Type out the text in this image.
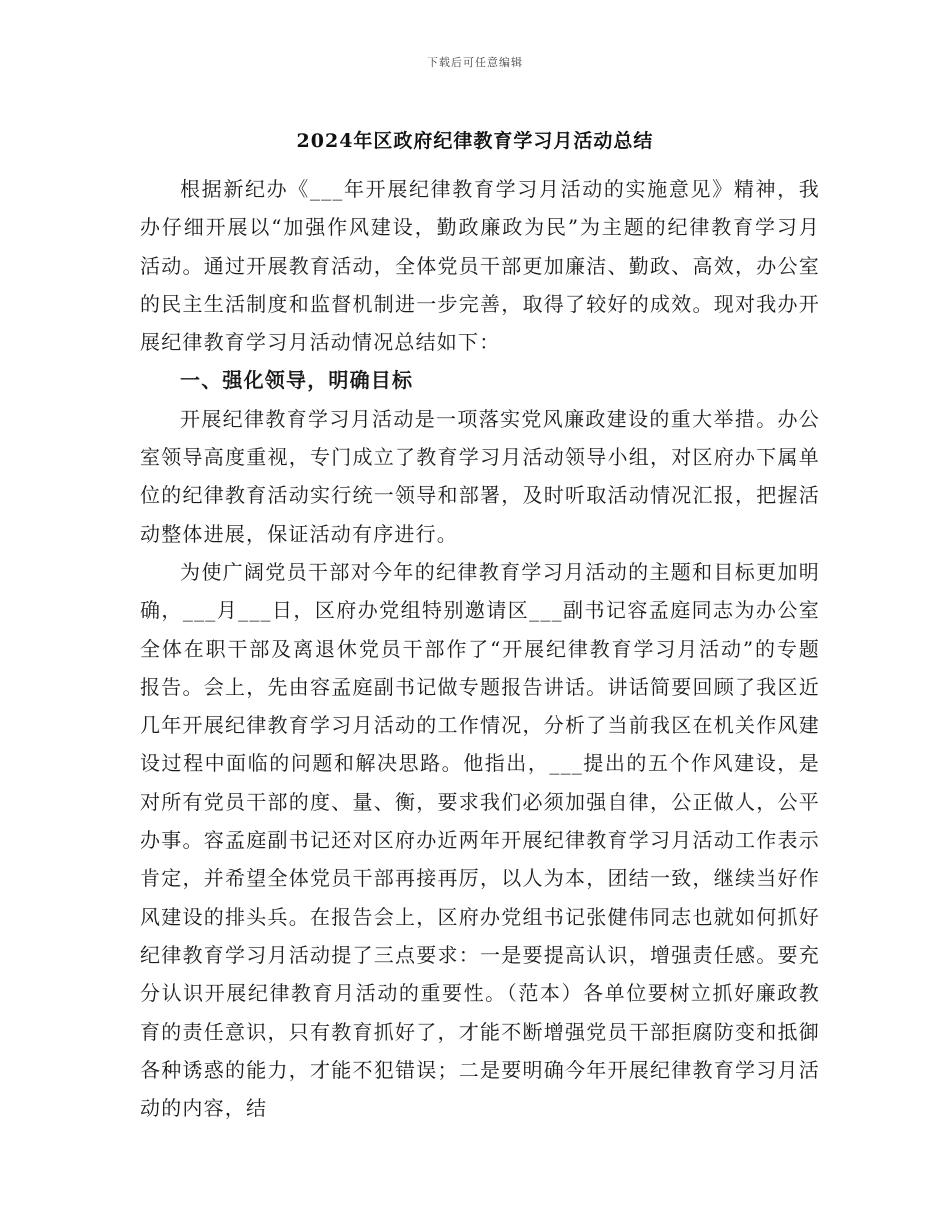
下载后可任意编辑
2024年区政府纪律教育学习月活动总结

根据新纪办《___年开展纪律教育学习月活动的实施意见》精神，我办仔细开展以“加强作风建设，勤政廉政为民”为主题的纪律教育学习月活动。通过开展教育活动，全体党员干部更加廉洁、勤政、高效，办公室的民主生活制度和监督机制进一步完善，取得了较好的成效。现对我办开展纪律教育学习月活动情况总结如下：

一、强化领导，明确目标

开展纪律教育学习月活动是一项落实党风廉政建设的重大举措。办公室领导高度重视，专门成立了教育学习月活动领导小组，对区府办下属单位的纪律教育活动实行统一领导和部署，及时听取活动情况汇报，把握活动整体进展，保证活动有序进行。

为使广阔党员干部对今年的纪律教育学习月活动的主题和目标更加明确，___月___日，区府办党组特别邀请区___副书记容孟庭同志为办公室全体在职干部及离退休党员干部作了“开展纪律教育学习月活动”的专题报告。会上，先由容孟庭副书记做专题报告讲话。讲话简要回顾了我区近几年开展纪律教育学习月活动的工作情况，分析了当前我区在机关作风建设过程中面临的问题和解决思路。他指出，___提出的五个作风建设，是对所有党员干部的度、量、衡，要求我们必须加强自律，公正做人，公平办事。容孟庭副书记还对区府办近两年开展纪律教育学习月活动工作表示肯定，并希望全体党员干部再接再厉，以人为本，团结一致，继续当好作风建设的排头兵。在报告会上，区府办党组书记张健伟同志也就如何抓好纪律教育学习月活动提了三点要求：一是要提高认识，增强责任感。要充分认识开展纪律教育月活动的重要性。（范本）各单位要树立抓好廉政教育的责任意识，只有教育抓好了，才能不断增强党员干部拒腐防变和抵御各种诱惑的能力，才能不犯错误；二是要明确今年开展纪律教育学习月活动的内容，结
